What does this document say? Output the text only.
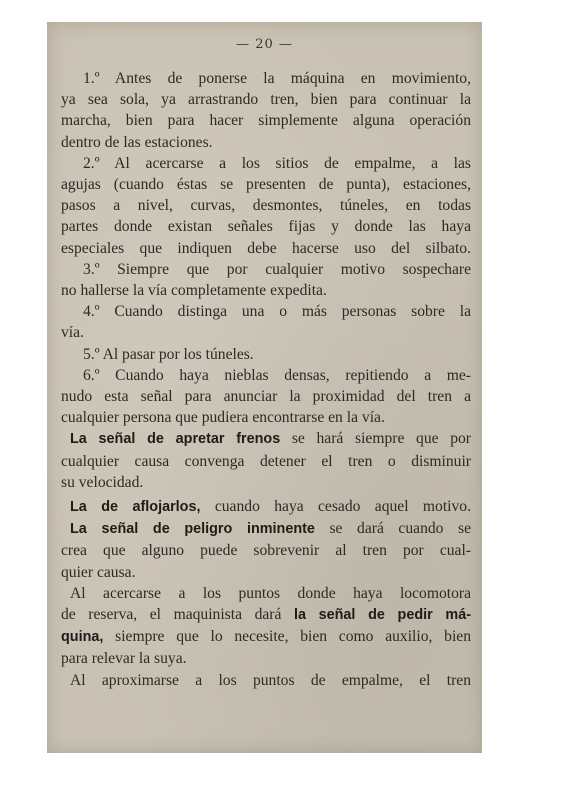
— 20 —
1.º Antes de ponerse la máquina en movimiento,
ya sea sola, ya arrastrando tren, bien para continuar la
marcha, bien para hacer simplemente alguna operación
dentro de las estaciones.
2.º Al acercarse a los sitios de empalme, a las
agujas (cuando éstas se presenten de punta), estaciones,
pasos a nivel, curvas, desmontes, túneles, en todas
partes donde existan señales fijas y donde las haya
especiales que indiquen debe hacerse uso del silbato.
3.º Siempre que por cualquier motivo sospechare
no hallerse la vía completamente expedita.
4.º Cuando distinga una o más personas sobre la
vía.
5.º Al pasar por los túneles.
6.º Cuando haya nieblas densas, repitiendo a me-
nudo esta señal para anunciar la proximidad del tren a
cualquier persona que pudiera encontrarse en la vía.
La señal de apretar frenos se hará siempre que por
cualquier causa convenga detener el tren o disminuir
su velocidad.
La de aflojarlos, cuando haya cesado aquel motivo.
La señal de peligro inminente se dará cuando se
crea que alguno puede sobrevenir al tren por cual-
quier causa.
Al acercarse a los puntos donde haya locomotora
de reserva, el maquinista dará la señal de pedir má-
quina, siempre que lo necesite, bien como auxilio, bien
para relevar la suya.
Al aproximarse a los puntos de empalme, el tren
